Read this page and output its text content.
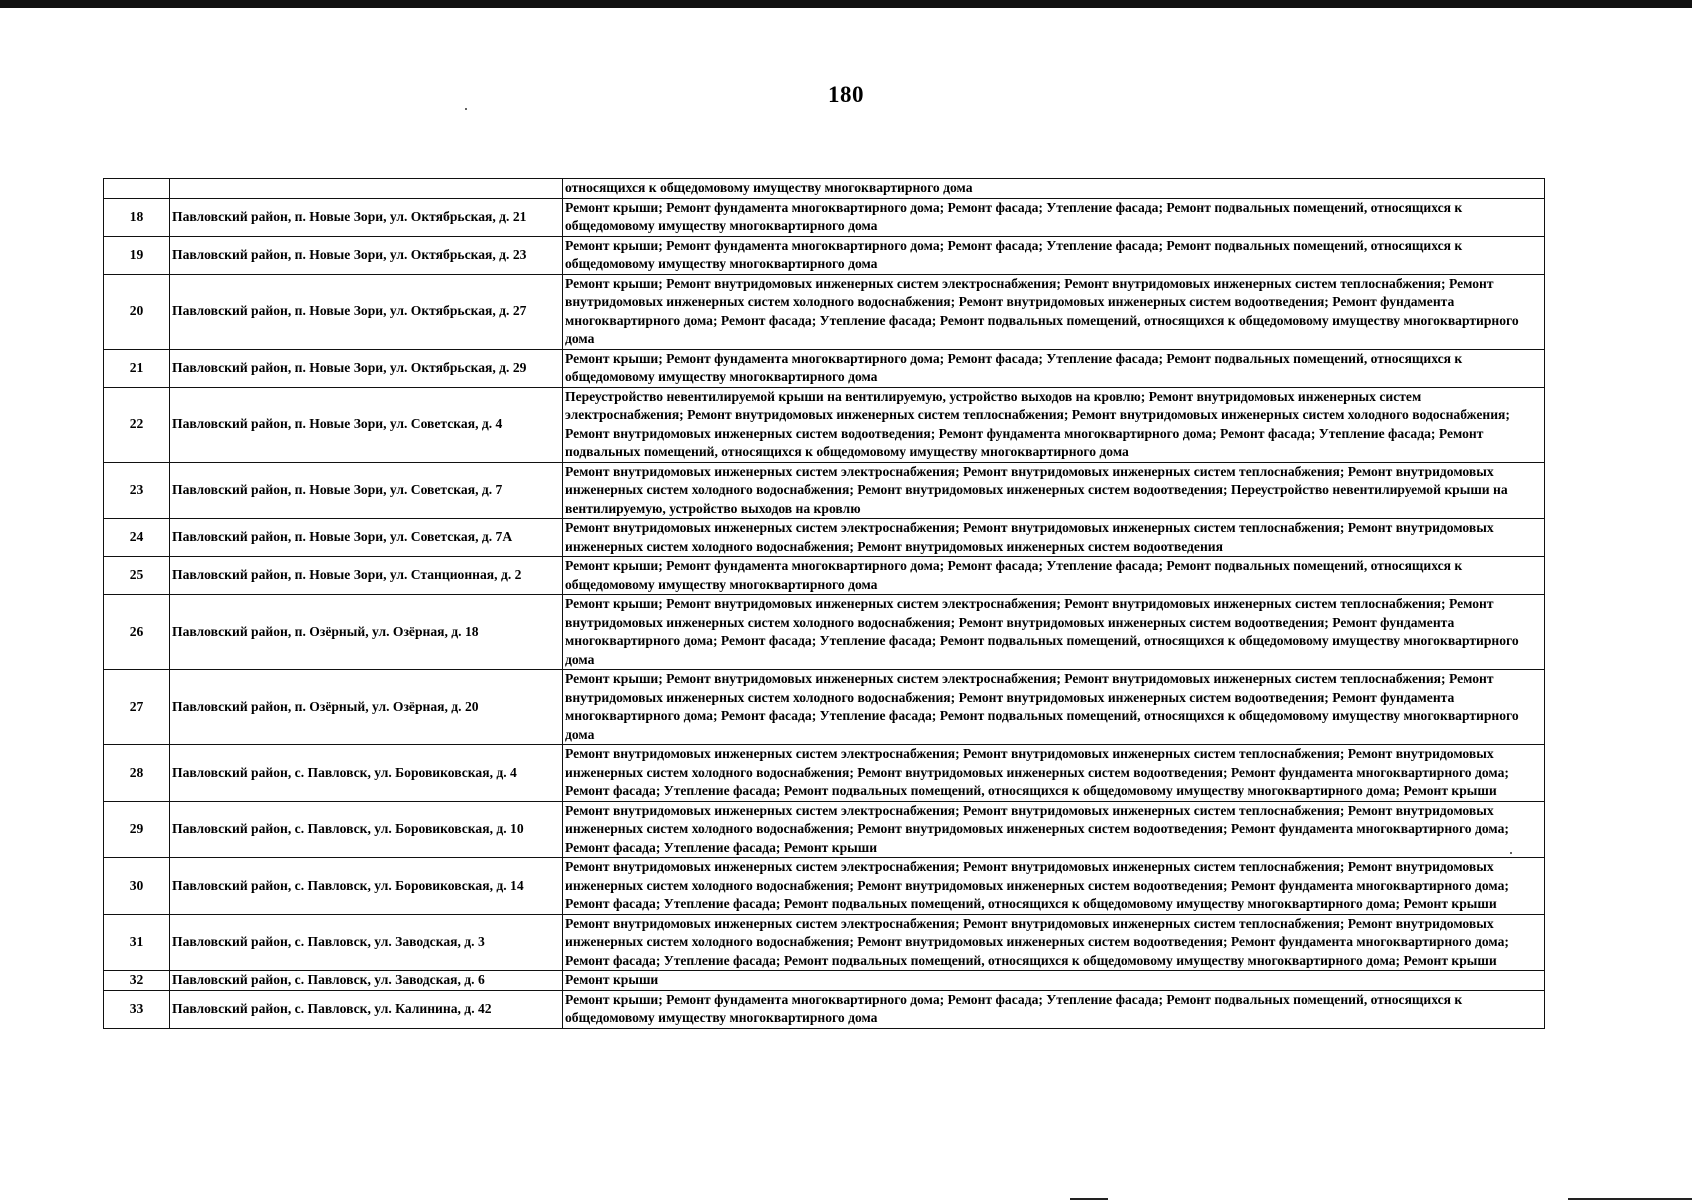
180
		относящихся к общедомовому имуществу многоквартирного дома
18	Павловский район, п. Новые Зори, ул. Октябрьская, д. 21	Ремонт крыши; Ремонт фундамента многоквартирного дома; Ремонт фасада; Утепление фасада; Ремонт подвальных помещений, относящихся к общедомовому имуществу многоквартирного дома
19	Павловский район, п. Новые Зори, ул. Октябрьская, д. 23	Ремонт крыши; Ремонт фундамента многоквартирного дома; Ремонт фасада; Утепление фасада; Ремонт подвальных помещений, относящихся к общедомовому имуществу многоквартирного дома
20	Павловский район, п. Новые Зори, ул. Октябрьская, д. 27	Ремонт крыши; Ремонт внутридомовых инженерных систем электроснабжения; Ремонт внутридомовых инженерных систем теплоснабжения; Ремонт внутридомовых инженерных систем холодного водоснабжения; Ремонт внутридомовых инженерных систем водоотведения; Ремонт фундамента многоквартирного дома; Ремонт фасада; Утепление фасада; Ремонт подвальных помещений, относящихся к общедомовому имуществу многоквартирного дома
21	Павловский район, п. Новые Зори, ул. Октябрьская, д. 29	Ремонт крыши; Ремонт фундамента многоквартирного дома; Ремонт фасада; Утепление фасада; Ремонт подвальных помещений, относящихся к общедомовому имуществу многоквартирного дома
22	Павловский район, п. Новые Зори, ул. Советская, д. 4	Переустройство невентилируемой крыши на вентилируемую, устройство выходов на кровлю; Ремонт внутридомовых инженерных систем электроснабжения; Ремонт внутридомовых инженерных систем теплоснабжения; Ремонт внутридомовых инженерных систем холодного водоснабжения; Ремонт внутридомовых инженерных систем водоотведения; Ремонт фундамента многоквартирного дома; Ремонт фасада; Утепление фасада; Ремонт подвальных помещений, относящихся к общедомовому имуществу многоквартирного дома
23	Павловский район, п. Новые Зори, ул. Советская, д. 7	Ремонт внутридомовых инженерных систем электроснабжения; Ремонт внутридомовых инженерных систем теплоснабжения; Ремонт внутридомовых инженерных систем холодного водоснабжения; Ремонт внутридомовых инженерных систем водоотведения; Переустройство невентилируемой крыши на вентилируемую, устройство выходов на кровлю
24	Павловский район, п. Новые Зори, ул. Советская, д. 7А	Ремонт внутридомовых инженерных систем электроснабжения; Ремонт внутридомовых инженерных систем теплоснабжения; Ремонт внутридомовых инженерных систем холодного водоснабжения; Ремонт внутридомовых инженерных систем водоотведения
25	Павловский район, п. Новые Зори, ул. Станционная, д. 2	Ремонт крыши; Ремонт фундамента многоквартирного дома; Ремонт фасада; Утепление фасада; Ремонт подвальных помещений, относящихся к общедомовому имуществу многоквартирного дома
26	Павловский район, п. Озёрный, ул. Озёрная, д. 18	Ремонт крыши; Ремонт внутридомовых инженерных систем электроснабжения; Ремонт внутридомовых инженерных систем теплоснабжения; Ремонт внутридомовых инженерных систем холодного водоснабжения; Ремонт внутридомовых инженерных систем водоотведения; Ремонт фундамента многоквартирного дома; Ремонт фасада; Утепление фасада; Ремонт подвальных помещений, относящихся к общедомовому имуществу многоквартирного дома
27	Павловский район, п. Озёрный, ул. Озёрная, д. 20	Ремонт крыши; Ремонт внутридомовых инженерных систем электроснабжения; Ремонт внутридомовых инженерных систем теплоснабжения; Ремонт внутридомовых инженерных систем холодного водоснабжения; Ремонт внутридомовых инженерных систем водоотведения; Ремонт фундамента многоквартирного дома; Ремонт фасада; Утепление фасада; Ремонт подвальных помещений, относящихся к общедомовому имуществу многоквартирного дома
28	Павловский район, с. Павловск, ул. Боровиковская, д. 4	Ремонт внутридомовых инженерных систем электроснабжения; Ремонт внутридомовых инженерных систем теплоснабжения; Ремонт внутридомовых инженерных систем холодного водоснабжения; Ремонт внутридомовых инженерных систем водоотведения; Ремонт фундамента многоквартирного дома; Ремонт фасада; Утепление фасада; Ремонт подвальных помещений, относящихся к общедомовому имуществу многоквартирного дома; Ремонт крыши
29	Павловский район, с. Павловск, ул. Боровиковская, д. 10	Ремонт внутридомовых инженерных систем электроснабжения; Ремонт внутридомовых инженерных систем теплоснабжения; Ремонт внутридомовых инженерных систем холодного водоснабжения; Ремонт внутридомовых инженерных систем водоотведения; Ремонт фундамента многоквартирного дома; Ремонт фасада; Утепление фасада; Ремонт крыши
30	Павловский район, с. Павловск, ул. Боровиковская, д. 14	Ремонт внутридомовых инженерных систем электроснабжения; Ремонт внутридомовых инженерных систем теплоснабжения; Ремонт внутридомовых инженерных систем холодного водоснабжения; Ремонт внутридомовых инженерных систем водоотведения; Ремонт фундамента многоквартирного дома; Ремонт фасада; Утепление фасада; Ремонт подвальных помещений, относящихся к общедомовому имуществу многоквартирного дома; Ремонт крыши
31	Павловский район, с. Павловск, ул. Заводская, д. 3	Ремонт внутридомовых инженерных систем электроснабжения; Ремонт внутридомовых инженерных систем теплоснабжения; Ремонт внутридомовых инженерных систем холодного водоснабжения; Ремонт внутридомовых инженерных систем водоотведения; Ремонт фундамента многоквартирного дома; Ремонт фасада; Утепление фасада; Ремонт подвальных помещений, относящихся к общедомовому имуществу многоквартирного дома; Ремонт крыши
32	Павловский район, с. Павловск, ул. Заводская, д. 6	Ремонт крыши
33	Павловский район, с. Павловск, ул. Калинина, д. 42	Ремонт крыши; Ремонт фундамента многоквартирного дома; Ремонт фасада; Утепление фасада; Ремонт подвальных помещений, относящихся к общедомовому имуществу многоквартирного дома
